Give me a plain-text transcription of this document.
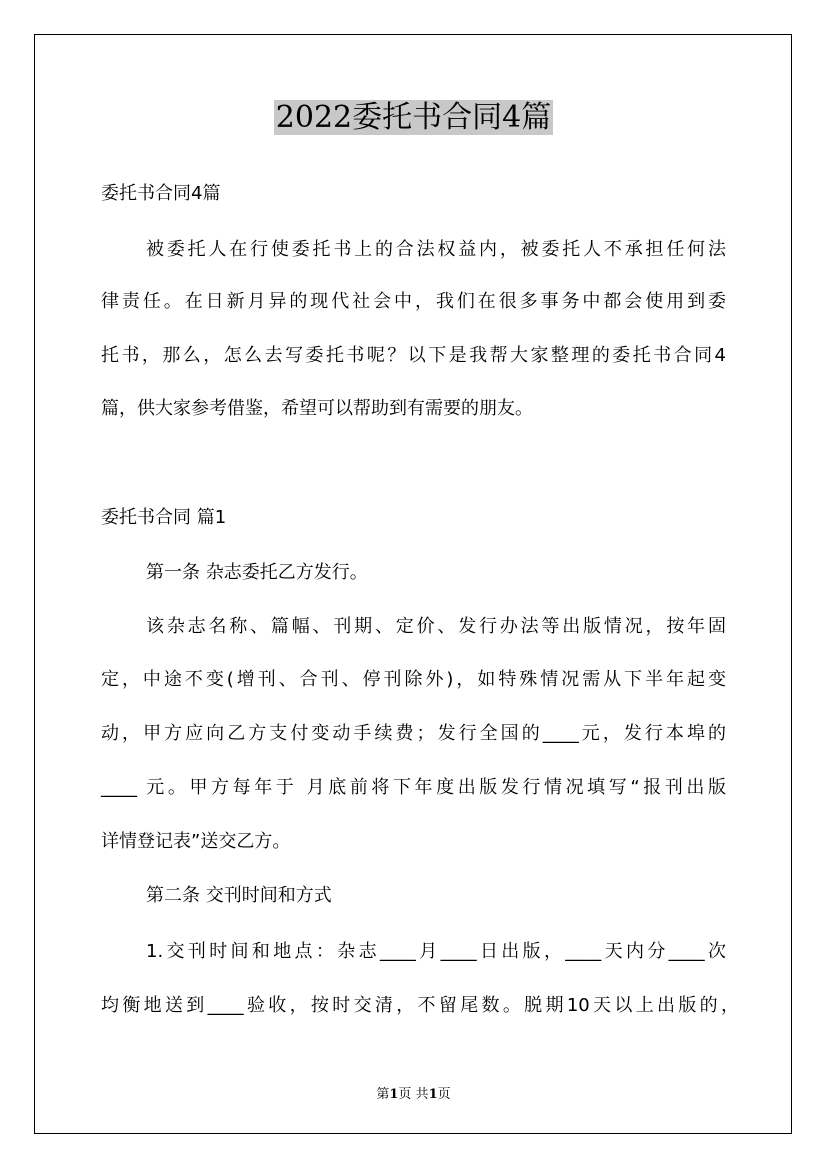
2022委托书合同4篇
委托书合同4篇
被委托人在行使委托书上的合法权益内，被委托人不承担任何法
律责任。在日新月异的现代社会中，我们在很多事务中都会使用到委
托书，那么，怎么去写委托书呢？以下是我帮大家整理的委托书合同4
篇，供大家参考借鉴，希望可以帮助到有需要的朋友。
委托书合同 篇1
第一条 杂志委托乙方发行。
该杂志名称、篇幅、刊期、定价、发行办法等出版情况，按年固
定，中途不变(增刊、合刊、停刊除外)，如特殊情况需从下半年起变
动，甲方应向乙方支付变动手续费；发行全国的____元，发行本埠的
____ 元。甲方每年于 月底前将下年度出版发行情况填写“报刊出版
详情登记表”送交乙方。
第二条 交刊时间和方式
1.交刊时间和地点：杂志____月____日出版，____天内分____次
均衡地送到____验收，按时交清，不留尾数。脱期10天以上出版的，
第1页 共1页
